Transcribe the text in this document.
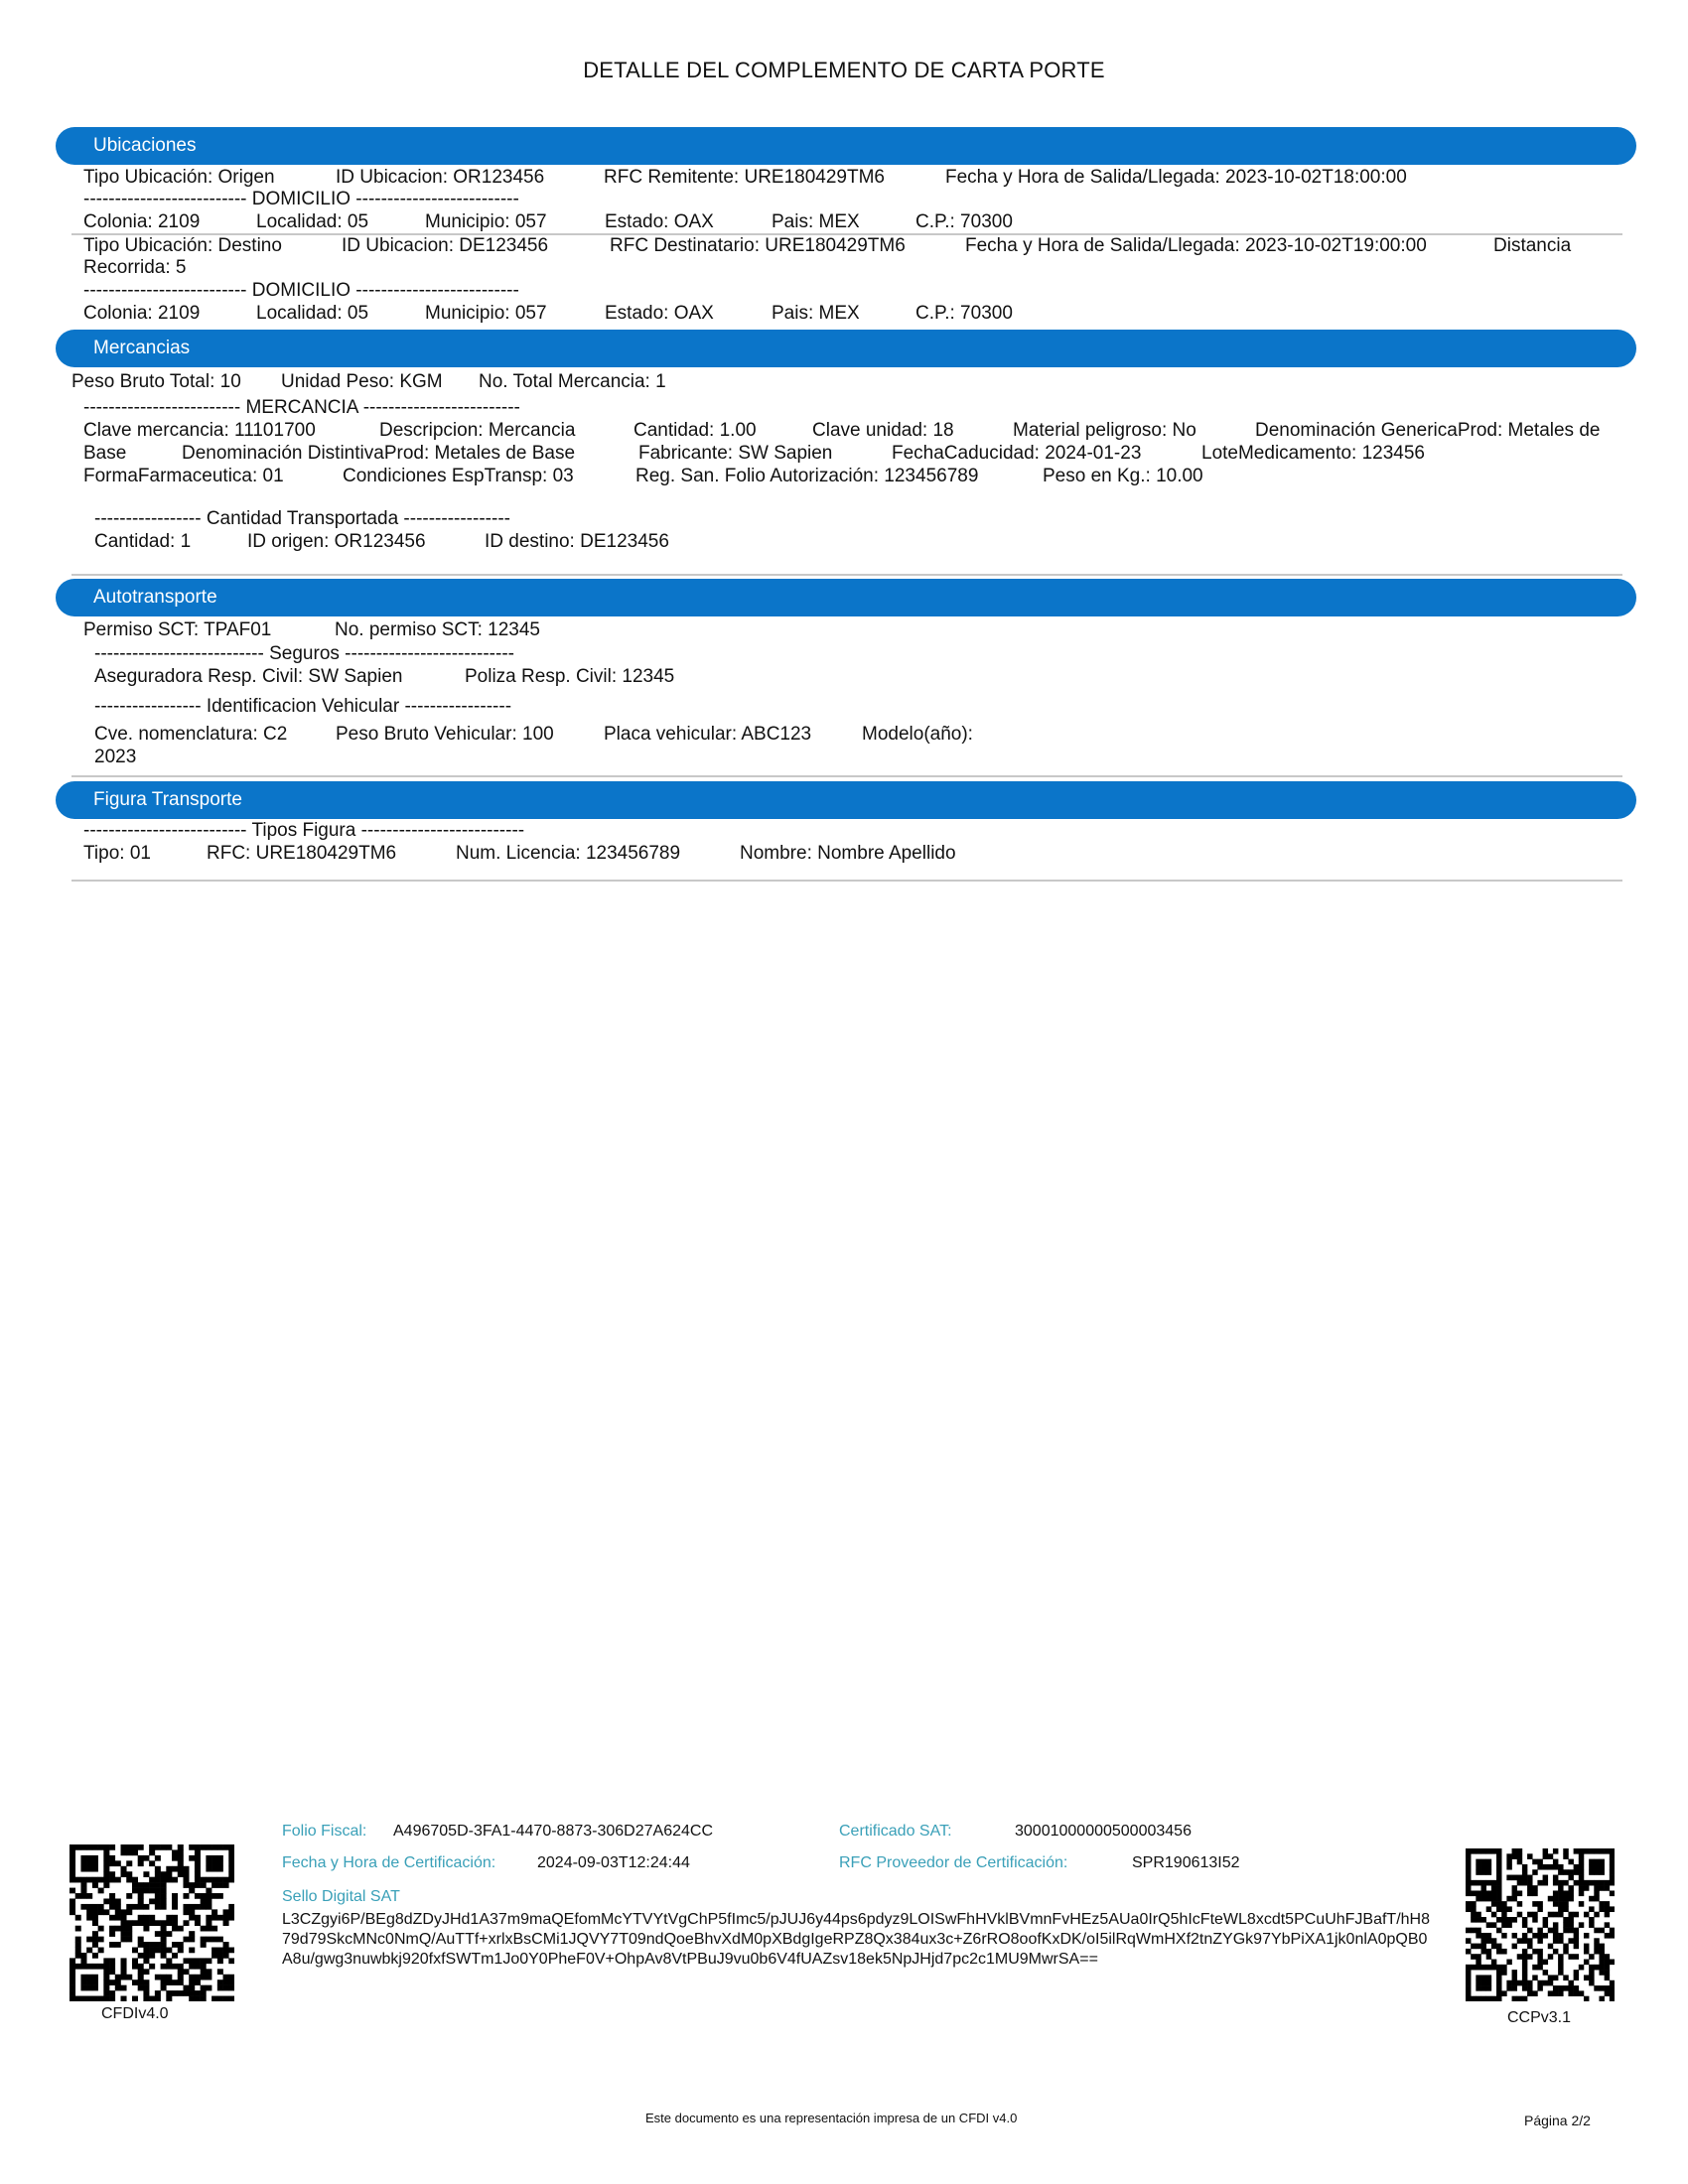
DETALLE DEL COMPLEMENTO DE CARTA PORTE
Ubicaciones
Tipo Ubicación: Origen	ID Ubicacion: OR123456	RFC Remitente: URE180429TM6	Fecha y Hora de Salida/Llegada: 2023-10-02T18:00:00
-------------------------- DOMICILIO --------------------------
Colonia: 2109	Localidad: 05	Municipio: 057	Estado: OAX	Pais: MEX	C.P.: 70300
Tipo Ubicación: Destino	ID Ubicacion: DE123456	RFC Destinatario: URE180429TM6	Fecha y Hora de Salida/Llegada: 2023-10-02T19:00:00	Distancia
Recorrida: 5
-------------------------- DOMICILIO --------------------------
Colonia: 2109	Localidad: 05	Municipio: 057	Estado: OAX	Pais: MEX	C.P.: 70300
Mercancias
Peso Bruto Total: 10 Unidad Peso: KGM No. Total Mercancia: 1
------------------------- MERCANCIA -------------------------
Clave mercancia: 11101700	Descripcion: Mercancia	Cantidad: 1.00	Clave unidad: 18	Material peligroso: No	Denominación GenericaProd: Metales de
Base	Denominación DistintivaProd: Metales de Base	Fabricante: SW Sapien	FechaCaducidad: 2024-01-23	LoteMedicamento: 123456
FormaFarmaceutica: 01	Condiciones EspTransp: 03	Reg. San. Folio Autorización: 123456789	Peso en Kg.: 10.00
----------------- Cantidad Transportada -----------------
Cantidad: 1	ID origen: OR123456	ID destino: DE123456
Autotransporte
Permiso SCT: TPAF01	No. permiso SCT: 12345
--------------------------- Seguros ---------------------------
Aseguradora Resp. Civil: SW Sapien	Poliza Resp. Civil: 12345
----------------- Identificacion Vehicular -----------------
Cve. nomenclatura: C2	Peso Bruto Vehicular: 100	Placa vehicular: ABC123	Modelo(año):
2023
Figura Transporte
-------------------------- Tipos Figura --------------------------
Tipo: 01	RFC: URE180429TM6	Num. Licencia: 123456789	Nombre: Nombre Apellido
CFDIv4.0
Folio Fiscal: A496705D-3FA1-4470-8873-306D27A624CC	Certificado SAT:	30001000000500003456
Fecha y Hora de Certificación:	2024-09-03T12:24:44	RFC Proveedor de Certificación:	SPR190613I52
Sello Digital SAT
L3CZgyi6P/BEg8dZDyJHd1A37m9maQEfomMcYTVYtVgChP5fImc5/pJUJ6y44ps6pdyz9LOISwFhHVklBVmnFvHEz5AUa0IrQ5hIcFteWL8xcdt5PCuUhFJBafT/hH879d79SkcMNc0NmQ/AuTTf+xrlxBsCMi1JQVY7T09ndQoeBhvXdM0pXBdgIgeRPZ8Qx384ux3c+Z6rRO8oofKxDK/oI5ilRqWmHXf2tnZYGk97YbPiXA1jk0nlA0pQB0A8u/gwg3nuwbkj920fxfSWTm1Jo0Y0PheF0V+OhpAv8VtPBuJ9vu0b6V4fUAZsv18ek5NpJHjd7pc2c1MU9MwrSA==
CCPv3.1
Este documento es una representación impresa de un CFDI v4.0	Página 2/2
